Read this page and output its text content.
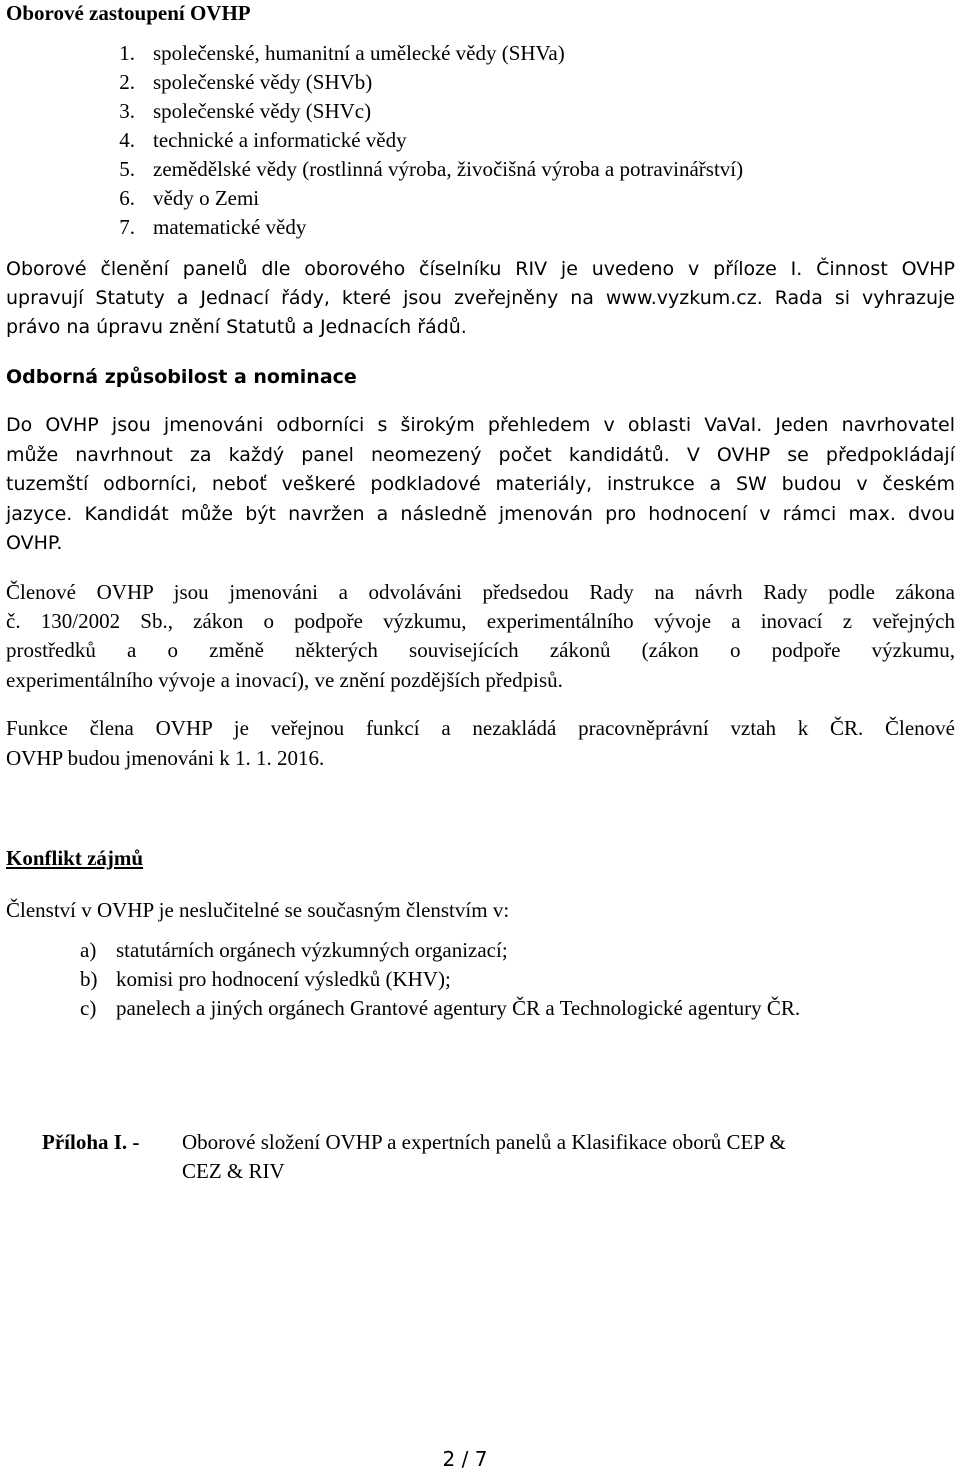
Oborové zastoupení OVHP
1. společenské, humanitní a umělecké vědy (SHVa)
2. společenské vědy (SHVb)
3. společenské vědy (SHVc)
4. technické a informatické vědy
5. zemědělské vědy (rostlinná výroba, živočišná výroba a potravinářství)
6. vědy o Zemi
7. matematické vědy
Oborové členění panelů dle oborového číselníku RIV je uvedeno v příloze I. Činnost OVHP
upravují Statuty a Jednací řády, které jsou zveřejněny na www.vyzkum.cz. Rada si vyhrazuje
právo na úpravu znění Statutů a Jednacích řádů.
Odborná způsobilost a nominace
Do OVHP jsou jmenováni odborníci s širokým přehledem v oblasti VaVaI. Jeden navrhovatel
může navrhnout za každý panel neomezený počet kandidátů. V OVHP se předpokládají
tuzemští odborníci, neboť veškeré podkladové materiály, instrukce a SW budou v českém
jazyce. Kandidát může být navržen a následně jmenován pro hodnocení v rámci max. dvou
OVHP.
Členové OVHP jsou jmenováni a odvoláváni předsedou Rady na návrh Rady podle zákona
č. 130/2002 Sb., zákon o podpoře výzkumu, experimentálního vývoje a inovací z veřejných
prostředků a o změně některých souvisejících zákonů (zákon o podpoře výzkumu,
experimentálního vývoje a inovací), ve znění pozdějších předpisů.
Funkce člena OVHP je veřejnou funkcí a nezakládá pracovněprávní vztah k ČR. Členové
OVHP budou jmenováni k 1. 1. 2016.
Konflikt zájmů
Členství v OVHP je neslučitelné se současným členstvím v:
a) statutárních orgánech výzkumných organizací;
b) komisi pro hodnocení výsledků (KHV);
c) panelech a jiných orgánech Grantové agentury ČR a Technologické agentury ČR.
Příloha I. - Oborové složení OVHP a expertních panelů a Klasifikace oborů CEP &
CEZ & RIV
2 / 7
